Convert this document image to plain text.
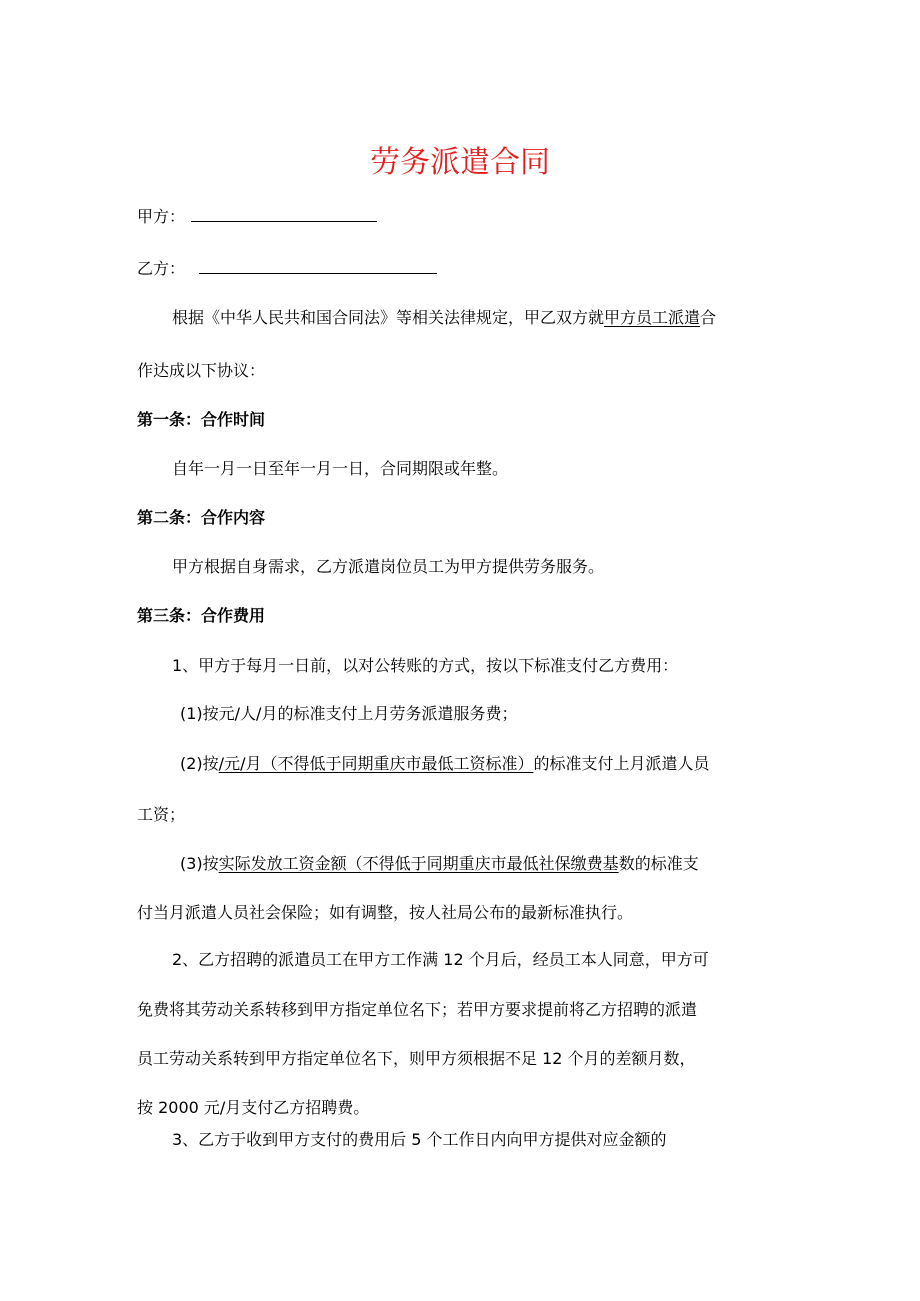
劳务派遣合同

甲方：

乙方：

根据《中华人民共和国合同法》等相关法律规定，甲乙双方就甲方员工派遣合

作达成以下协议：

第一条：合作时间

自年一月一日至年一月一日，合同期限或年整。

第二条：合作内容

甲方根据自身需求，乙方派遣岗位员工为甲方提供劳务服务。

第三条：合作费用

1、甲方于每月一日前，以对公转账的方式，按以下标准支付乙方费用：

(1)按元/人/月的标准支付上月劳务派遣服务费；

(2)按/元/月（不得低于同期重庆市最低工资标准）的标准支付上月派遣人员

工资；

(3)按实际发放工资金额（不得低于同期重庆市最低社保缴费基数的标准支

付当月派遣人员社会保险；如有调整，按人社局公布的最新标准执行。

2、乙方招聘的派遣员工在甲方工作满 12 个月后，经员工本人同意，甲方可

免费将其劳动关系转移到甲方指定单位名下；若甲方要求提前将乙方招聘的派遣

员工劳动关系转到甲方指定单位名下，则甲方须根据不足 12 个月的差额月数，

按 2000 元/月支付乙方招聘费。

3、乙方于收到甲方支付的费用后 5 个工作日内向甲方提供对应金额的
